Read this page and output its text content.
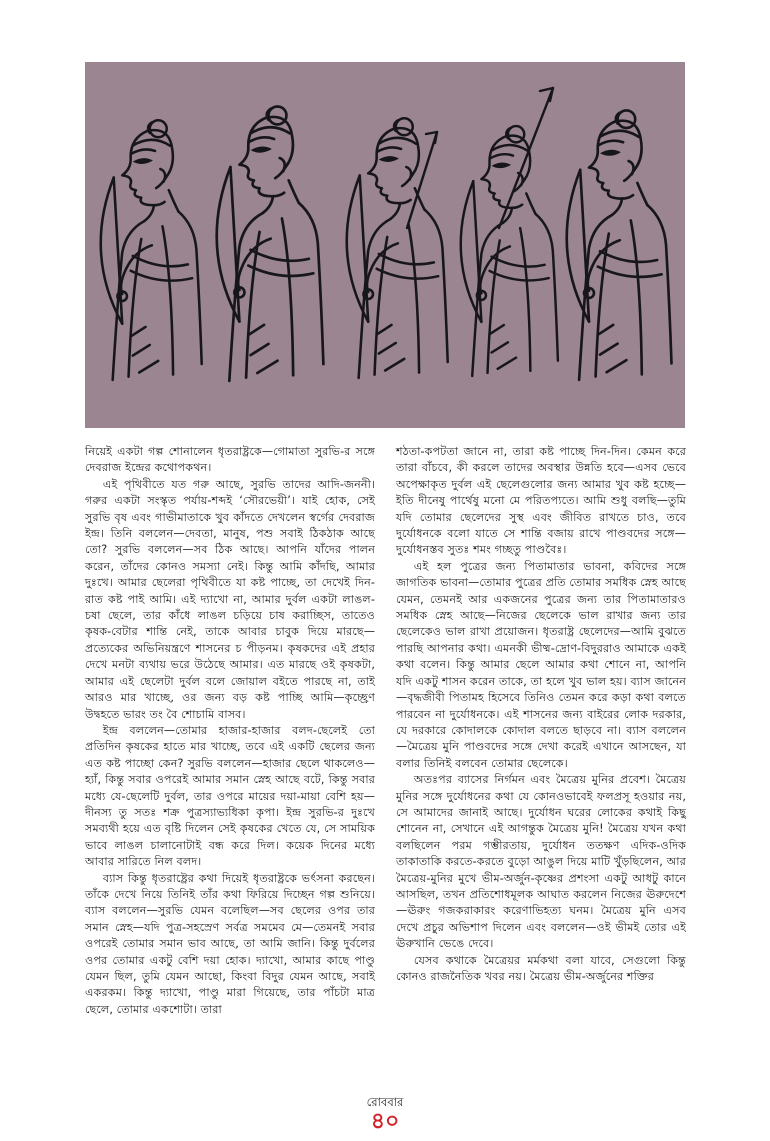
নিয়েই একটা গল্প শোনালেন ধৃতরাষ্ট্রকে—গোমাতা সুরভি-র সঙ্গে দেবরাজ ইন্দ্রের কথোপকথন।

এই পৃথিবীতে যত গরু আছে, সুরভি তাদের আদি-জননী। গরুর একটা সংস্কৃত পর্যায়-শব্দই ‘সৌরভেয়ী’। যাই হোক, সেই সুরভি বৃষ এবং গাভীমাতাকে খুব কাঁদতে দেখলেন স্বর্গের দেবরাজ ইন্দ্র। তিনি বললেন—দেবতা, মানুষ, পশু সবাই ঠিকঠাক আছে তো? সুরভি বললেন—সব ঠিক আছে। আপনি যাঁদের পালন করেন, তাঁদের কোনও সমস্যা নেই। কিন্তু আমি কাঁদছি, আমার দুঃখে। আমার ছেলেরা পৃথিবীতে যা কষ্ট পাচ্ছে, তা দেখেই দিন-রাত কষ্ট পাই আমি। এই দ্যাখো না, আমার দুর্বল একটা লাঙল-চষা ছেলে, তার কাঁধে লাঙল চড়িয়ে চাষ করাচ্ছিস, তাতেও কৃষক-বেটার শান্তি নেই, তাকে আবার চাবুক দিয়ে মারছে—প্রত্যেকের অভিনিয়ন্ত্রণে শাসনের চ পীড়নম। কৃষকদের এই প্রহার দেখে মনটা ব্যথায় ভরে উঠেছে আমার। এত মারছে ওই কৃষকটা, আমার এই ছেলেটা দুর্বল বলে জোয়াল বইতে পারছে না, তাই আরও মার খাচ্ছে, ওর জন্য বড় কষ্ট পাচ্ছি আমি—কৃচ্ছ্রেণ উদ্বহতে ভারং তং বৈ শোচামি বাসব।

ইন্দ্র বললেন—তোমার হাজার-হাজার বলদ-ছেলেই তো প্রতিদিন কৃষকের হাতে মার খাচ্ছে, তবে এই একটি ছেলের জন্য এত কষ্ট পাচ্ছো কেন? সুরভি বললেন—হাজার ছেলে থাকলেও—হ্যাঁ, কিন্তু সবার ওপরেই আমার সমান স্নেহ আছে বটে, কিন্তু সবার মধ্যে যে-ছেলেটি দুর্বল, তার ওপরে মায়ের দয়া-মায়া বেশি হয়—দীনস্য তু সতঃ শক্র পুত্রস্যাভ্যধিকা কৃপা। ইন্দ্র সুরভি-র দুঃখে সমব্যথী হয়ে এত বৃষ্টি দিলেন সেই কৃষকের খেতে যে, সে সাময়িক ভাবে লাঙল চালানোটাই বন্ধ করে দিল। কয়েক দিনের মধ্যে আবার সারিতে নিল বলদ।

ব্যাস কিন্তু ধৃতরাষ্ট্রের কথা দিয়েই ধৃতরাষ্ট্রকে ভর্ৎসনা করছেন। তাঁকে দেখে নিয়ে তিনিই তাঁর কথা ফিরিয়ে দিচ্ছেন গল্প শুনিয়ে। ব্যাস বললেন—সুরভি যেমন বলেছিল—সব ছেলের ওপর তার সমান স্নেহ—যদি পুত্র-সহস্রেণ সর্বত্র সমমেব মে—তেমনই সবার ওপরেই তোমার সমান ভাব আছে, তা আমি জানি। কিন্তু দুর্বলের ওপর তোমার একটু বেশি দয়া হোক। দ্যাখো, আমার কাছে পাণ্ডু যেমন ছিল, তুমি যেমন আছো, কিংবা বিদুর যেমন আছে, সবাই একরকম। কিন্তু দ্যাখো, পাণ্ডু মারা গিয়েছে, তার পাঁচটা মাত্র ছেলে, তোমার একশোটা। তারা

শঠতা-কপটতা জানে না, তারা কষ্ট পাচ্ছে দিন-দিন। কেমন করে তারা বাঁচবে, কী করলে তাদের অবস্থার উন্নতি হবে—এসব ভেবে অপেক্ষাকৃত দুর্বল এই ছেলেগুলোর জন্য আমার খুব কষ্ট হচ্ছে—ইতি দীনেষু পার্থেষু মনো মে পরিতপ্যতে। আমি শুধু বলছি—তুমি যদি তোমার ছেলেদের সুস্থ এবং জীবিত রাখতে চাও, তবে দুর্যোধনকে বলো যাতে সে শান্তি বজায় রাখে পাণ্ডবদের সঙ্গে—দুর্যোধনস্তব সুতঃ শমং গচ্ছতু পাণ্ডবৈঃ।

এই হল পুত্রের জন্য পিতামাতার ভাবনা, কবিদের সঙ্গে জাগতিক ভাবনা—তোমার পুত্রের প্রতি তোমার সমধিক স্নেহ আছে যেমন, তেমনই আর একজনের পুত্রের জন্য তার পিতামাতারও সমধিক স্নেহ আছে—নিজের ছেলেকে ভাল রাখার জন্য তার ছেলেকেও ভাল রাখা প্রয়োজন। ধৃতরাষ্ট্র ছেলেদের—আমি বুঝতে পারছি আপনার কথা। এমনকী ভীষ্ম-দ্রোণ-বিদুররাও আমাকে একই কথা বলেন। কিন্তু আমার ছেলে আমার কথা শোনে না, আপনি যদি একটু শাসন করেন তাকে, তা হলে খুব ভাল হয়। ব্যাস জানেন—বৃদ্ধজীবী পিতামহ হিসেবে তিনিও তেমন করে কড়া কথা বলতে পারবেন না দুর্যোধনকে। এই শাসনের জন্য বাইরের লোক দরকার, যে দরকারে কোদালকে কোদাল বলতে ছাড়বে না। ব্যাস বললেন—মৈত্রেয় মুনি পাণ্ডবদের সঙ্গে দেখা করেই এখানে আসছেন, যা বলার তিনিই বলবেন তোমার ছেলেকে।

অতঃপর ব্যাসের নির্গমন এবং মৈত্রেয় মুনির প্রবেশ। মৈত্রেয় মুনির সঙ্গে দুর্যোধনের কথা যে কোনওভাবেই ফলপ্রসূ হওয়ার নয়, সে আমাদের জানাই আছে। দুর্যোধন ঘরের লোকের কথাই কিছু শোনেন না, সেখানে এই আগন্তুক মৈত্রেয় মুনি! মৈত্রেয় যখন কথা বলছিলেন পরম গম্ভীরতায়, দুর্যোধন ততক্ষণ এদিক-ওদিক তাকাতাকি করতে-করতে বুড়ো আঙুল দিয়ে মাটি খুঁড়ছিলেন, আর মৈত্রেয়-মুনির মুখে ভীম-অর্জুন-কৃষ্ণের প্রশংসা একটু আধটু কানে আসছিল, তখন প্রতিশোধমূলক আঘাত করলেন নিজের ঊরুদেশে—ঊরুং গজকরাকারং করেণাভিহত্য ঘনম। মৈত্রেয় মুনি এসব দেখে প্রচুর অভিশাপ দিলেন এবং বললেন—ওই ভীমই তোর এই ঊরুখানি ভেঙে দেবে।

যেসব কথাকে মৈত্রেয়র মর্মকথা বলা যাবে, সেগুলো কিন্তু কোনও রাজনৈতিক খবর নয়। মৈত্রেয় ভীম-অর্জুনের শক্তির

রোববার
৪০
